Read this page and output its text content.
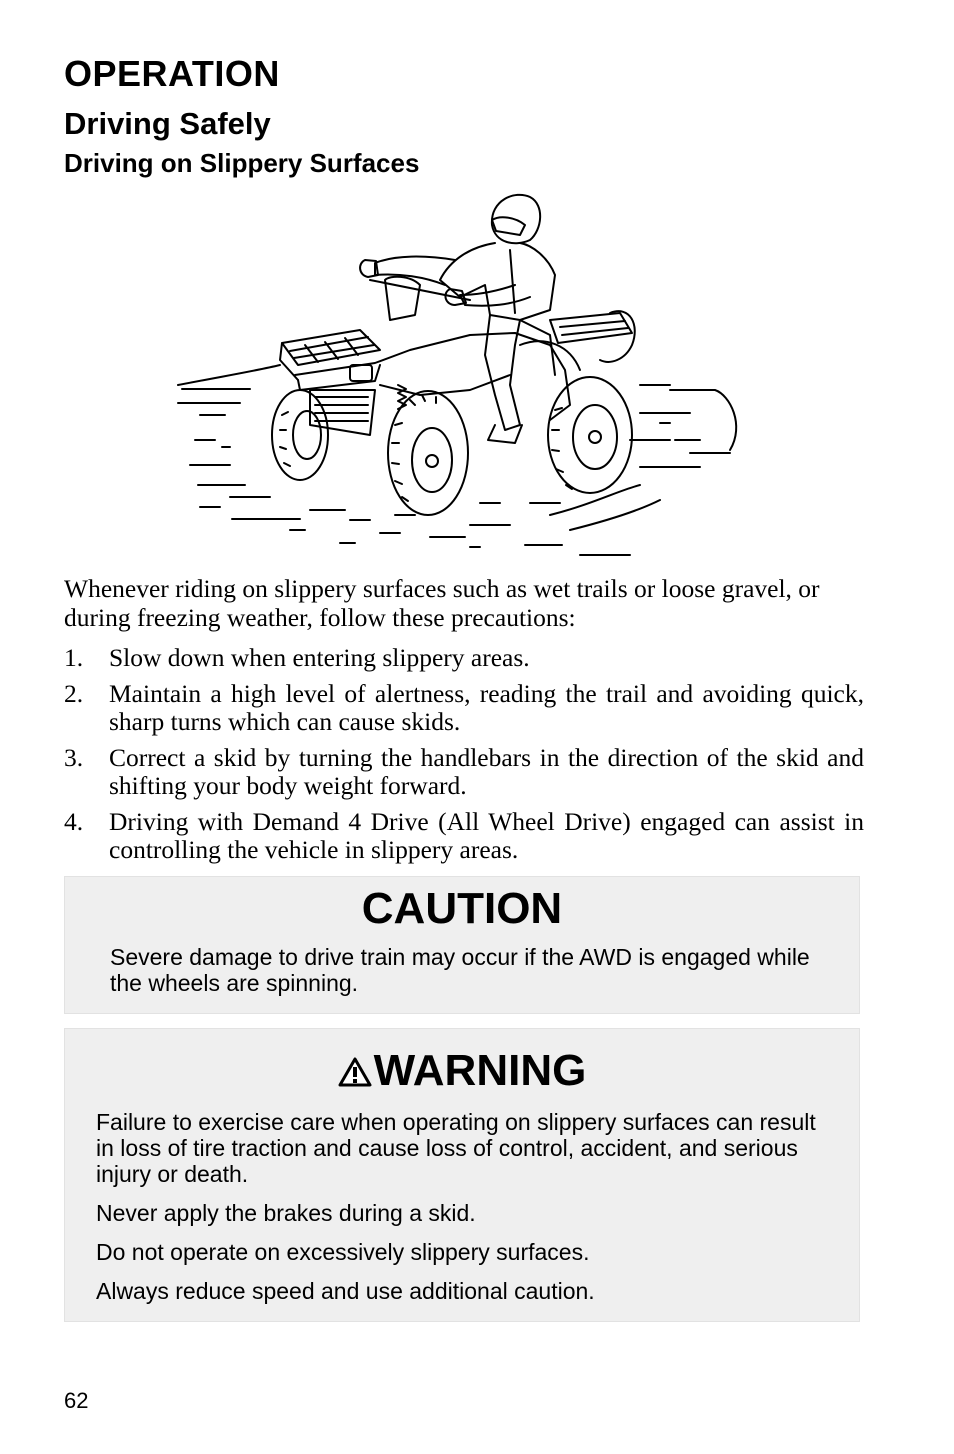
OPERATION
Driving Safely
Driving on Slippery Surfaces

Whenever riding on slippery surfaces such as wet trails or loose gravel, or during freezing weather, follow these precautions:

1. Slow down when entering slippery areas.
2. Maintain a high level of alertness, reading the trail and avoiding quick, sharp turns which can cause skids.
3. Correct a skid by turning the handlebars in the direction of the skid and shifting your body weight forward.
4. Driving with Demand 4 Drive (All Wheel Drive) engaged can assist in controlling the vehicle in slippery areas.
CAUTION

Severe damage to drive train may occur if the AWD is engaged while the wheels are spinning.

WARNING

Failure to exercise care when operating on slippery surfaces can result in loss of tire traction and cause loss of control, accident, and serious injury or death.

Never apply the brakes during a skid.

Do not operate on excessively slippery surfaces.

Always reduce speed and use additional caution.

62
